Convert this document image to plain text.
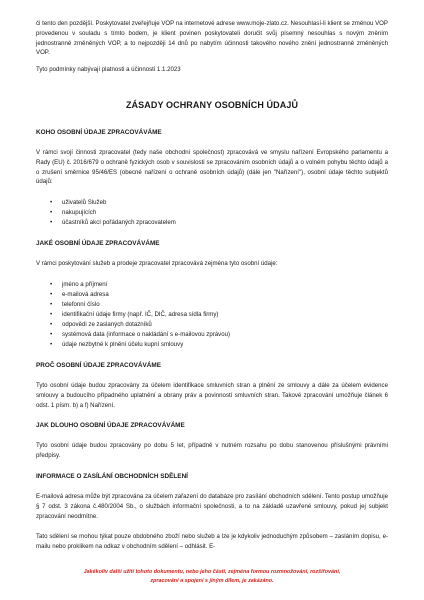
či tento den pozdější. Poskytovatel zveřejňuje VOP na internetové adrese www.moje-zlato.cz. Nesouhlasí-li klient se změnou VOP provedenou v souladu s tímto bodem, je klient povinen poskytovateli doručit svůj písemný nesouhlas s novým zněním jednostranně změněných VOP, a to nejpozději 14 dnů po nabytím účinnosti takového nového znění jednostranně změněných VOP.

Tyto podmínky nabývají platnosti a účinnosti 1.1.2023

ZÁSADY OCHRANY OSOBNÍCH ÚDAJŮ
KOHO OSOBNÍ ÚDAJE ZPRACOVÁVÁME

V rámci svojí činnosti zpracovatel (tedy naše obchodní společnost) zpracovává ve smyslu nařízení Evropského parlamentu a Rady (EU) č. 2016/679 o ochraně fyzických osob v souvislosti se zpracováním osobních údajů a o volném pohybu těchto údajů a o zrušení směrnice 95/46/ES (obecné nařízení o ochraně osobních údajů) (dále jen "Nařízení"), osobní údaje těchto subjektů údajů:

• uživatelů Služeb
• nakupujících
• účastníků akcí pořádaných zpracovatelem
JAKÉ OSOBNÍ ÚDAJE ZPRACOVÁVÁME

V rámci poskytování služeb a prodeje zpracovatel zpracovává zejména tyto osobní údaje:

• jméno a příjmení
• e-mailová adresa
• telefonní číslo
• identifikační údaje firmy (např. IČ, DIČ, adresa sídla firmy)
• odpovědi ze zaslaných dotazníků
• systémová data (informace o nakládání s e-mailovou zprávou)
• údaje nezbytné k plnění účelu kupní smlouvy
PROČ OSOBNÍ ÚDAJE ZPRACOVÁVÁME

Tyto osobní údaje budou zpracovány za účelem identifikace smluvních stran a plnění ze smlouvy a dále za účelem evidence smlouvy a budoucího případného uplatnění a obrany práv a povinností smluvních stran. Takové zpracování umožňuje článek 6 odst. 1 písm. b) a f) Nařízení.

JAK DLOUHO OSOBNÍ ÚDAJE ZPRACOVÁVÁME

Tyto osobní údaje budou zpracovány po dobu 5 let, případně v nutném rozsahu po dobu stanovenou příslušnými právními předpisy.

INFORMACE O ZASÍLÁNÍ OBCHODNÍCH SDĚLENÍ

E-mailová adresa může být zpracována za účelem zařazení do databáze pro zasílání obchodních sdělení. Tento postup umožňuje § 7 odst. 3 zákona č.480/2004 Sb., o službách informační společnosti, a to na základě uzavřené smlouvy, pokud jej subjekt zpracování neodmítne.

Tato sdělení se mohou týkat pouze obdobného zboží nebo služeb a lze je kdykoliv jednoduchým způsobem – zasláním dopisu, e-mailu nebo proklikem na odkaz v obchodním sdělení – odhlásit. E-

Jakékoliv další užití tohoto dokumentu, nebo jeho části, zejména formou rozmnožování, rozšiřování,
zpracování a spojení s jiným dílem, je zakázáno.
